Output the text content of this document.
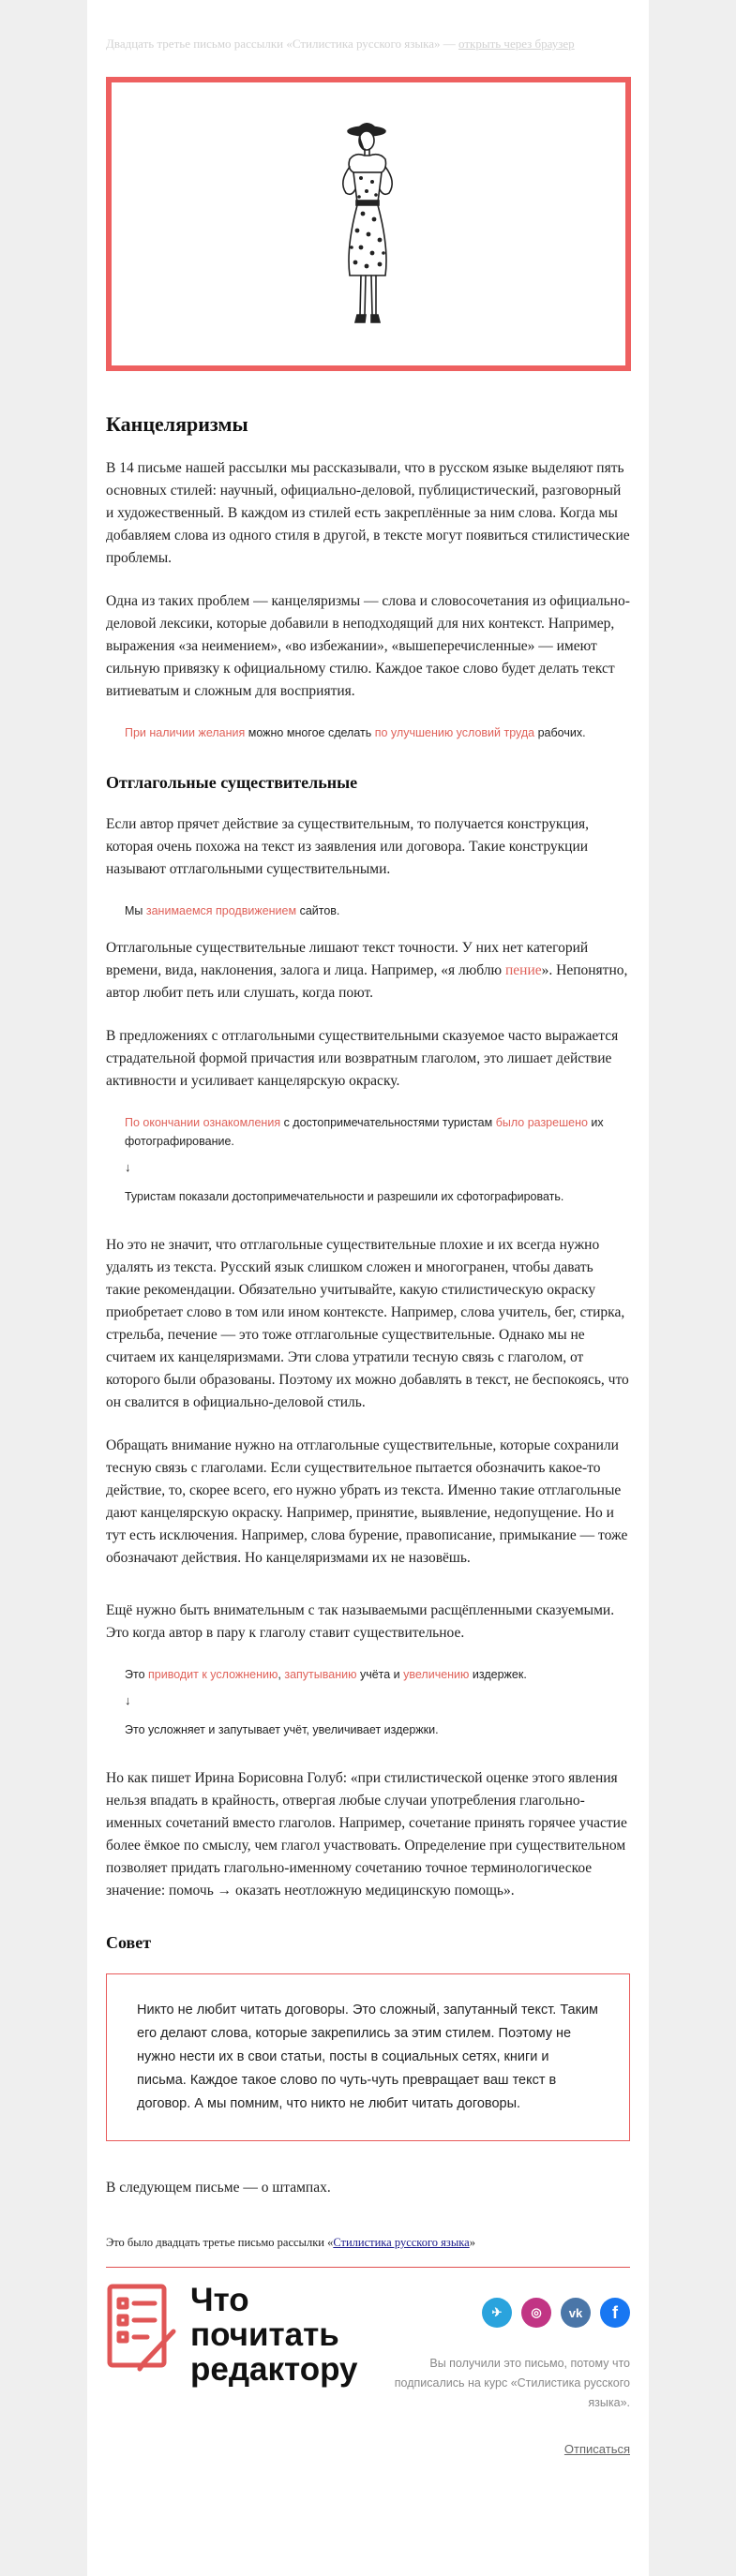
Двадцать третье письмо рассылки «Стилистика русского языка» — открыть через браузер
Канцеляризмы

В 14 письме нашей рассылки мы рассказывали, что в русском языке выделяют пять основных стилей: научный, официально-деловой, публицистический, разговорный и художественный. В каждом из стилей есть закреплённые за ним слова. Когда мы добавляем слова из одного стиля в другой, в тексте могут появиться стилистические проблемы.

Одна из таких проблем — канцеляризмы — слова и словосочетания из официально-деловой лексики, которые добавили в неподходящий для них контекст. Например, выражения «за неимением», «во избежании», «вышеперечисленные» — имеют сильную привязку к официальному стилю. Каждое такое слово будет делать текст витиеватым и сложным для восприятия.

При наличии желания можно многое сделать по улучшению условий труда рабочих.

Отглагольные существительные

Если автор прячет действие за существительным, то получается конструкция, которая очень похожа на текст из заявления или договора. Такие конструкции называют отглагольными существительными.

Мы занимаемся продвижением сайтов.

Отглагольные существительные лишают текст точности. У них нет категорий времени, вида, наклонения, залога и лица. Например, «я люблю пение». Непонятно, автор любит петь или слушать, когда поют.

В предложениях с отглагольными существительными сказуемое часто выражается страдательной формой причастия или возвратным глаголом, это лишает действие активности и усиливает канцелярскую окраску.

По окончании ознакомления с достопримечательностями туристам было разрешено их фотографирование.

↓

Туристам показали достопримечательности и разрешили их сфотографировать.

Но это не значит, что отглагольные существительные плохие и их всегда нужно удалять из текста. Русский язык слишком сложен и многогранен, чтобы давать такие рекомендации. Обязательно учитывайте, какую стилистическую окраску приобретает слово в том или ином контексте. Например, слова учитель, бег, стирка, стрельба, печение — это тоже отглагольные существительные. Однако мы не считаем их канцеляризмами. Эти слова утратили тесную связь с глаголом, от которого были образованы. Поэтому их можно добавлять в текст, не беспокоясь, что он свалится в официально-деловой стиль.

Обращать внимание нужно на отглагольные существительные, которые сохранили тесную связь с глаголами. Если существительное пытается обозначить какое-то действие, то, скорее всего, его нужно убрать из текста. Именно такие отглагольные дают канцелярскую окраску. Например, принятие, выявление, недопущение. Но и тут есть исключения. Например, слова бурение, правописание, примыкание — тоже обозначают действия. Но канцеляризмами их не назовёшь.

Ещё нужно быть внимательным с так называемыми расщёпленными сказуемыми. Это когда автор в пару к глаголу ставит существительное.

Это приводит к усложнению, запутыванию учёта и увеличению издержек.

↓

Это усложняет и запутывает учёт, увеличивает издержки.

Но как пишет Ирина Борисовна Голуб: «при стилистической оценке этого явления нельзя впадать в крайность, отвергая любые случаи употребления глагольно-именных сочетаний вместо глаголов. Например, сочетание принять горячее участие более ёмкое по смыслу, чем глагол участвовать. Определение при существительном позволяет придать глагольно-именному сочетанию точное терминологическое значение: помочь → оказать неотложную медицинскую помощь».

Совет

Никто не любит читать договоры. Это сложный, запутанный текст. Таким его делают слова, которые закрепились за этим стилем. Поэтому не нужно нести их в свои статьи, посты в социальных сетях, книги и письма. Каждое такое слово по чуть-чуть превращает ваш текст в договор. А мы помним, что никто не любит читать договоры.

В следующем письме — о штампах.

Это было двадцать третье письмо рассылки «Стилистика русского языка»

Что
почитать
редактору
✈	◎	vk	f

Вы получили это письмо, потому что подписались на курс «Стилистика русского языка».

Отписаться
